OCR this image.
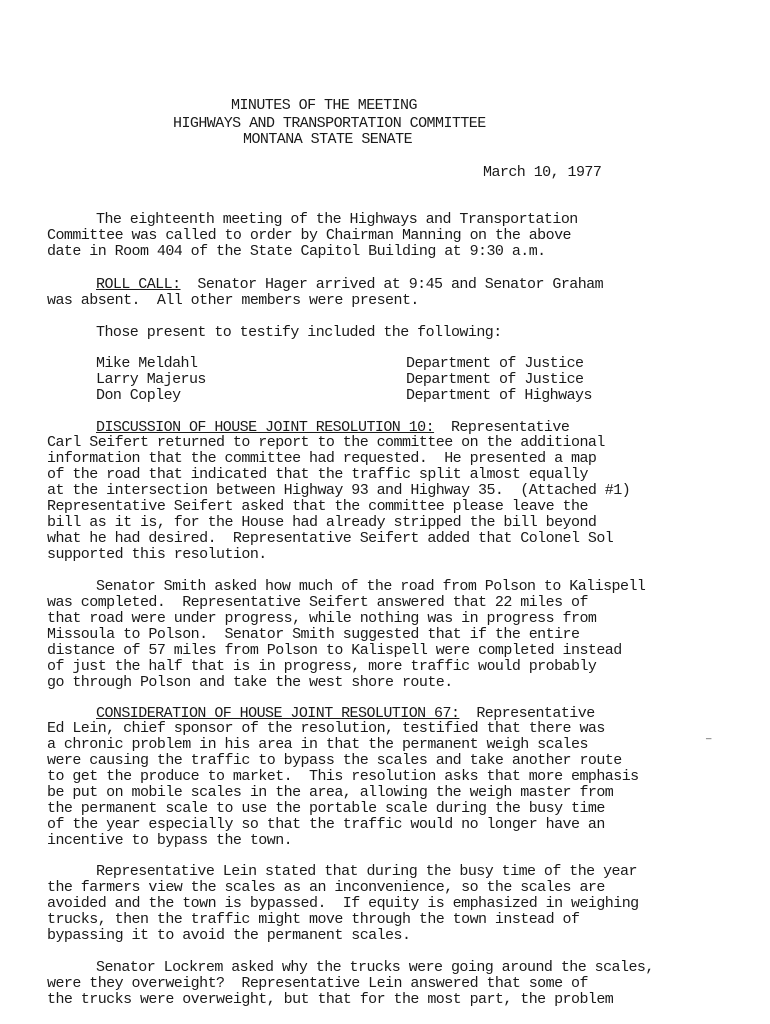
MINUTES OF THE MEETING
HIGHWAYS AND TRANSPORTATION COMMITTEE
MONTANA STATE SENATE
March 10, 1977
The eighteenth meeting of the Highways and Transportation
Committee was called to order by Chairman Manning on the above
date in Room 404 of the State Capitol Building at 9:30 a.m.
ROLL CALL:  Senator Hager arrived at 9:45 and Senator Graham
was absent.  All other members were present.
Those present to testify included the following:
Mike Meldahl	Department of Justice
Larry Majerus	Department of Justice
Don Copley	Department of Highways
DISCUSSION OF HOUSE JOINT RESOLUTION 10:  Representative
Carl Seifert returned to report to the committee on the additional
information that the committee had requested.  He presented a map
of the road that indicated that the traffic split almost equally
at the intersection between Highway 93 and Highway 35.  (Attached #1)
Representative Seifert asked that the committee please leave the
bill as it is, for the House had already stripped the bill beyond
what he had desired.  Representative Seifert added that Colonel Sol
supported this resolution.
Senator Smith asked how much of the road from Polson to Kalispell
was completed.  Representative Seifert answered that 22 miles of
that road were under progress, while nothing was in progress from
Missoula to Polson.  Senator Smith suggested that if the entire
distance of 57 miles from Polson to Kalispell were completed instead
of just the half that is in progress, more traffic would probably
go through Polson and take the west shore route.
CONSIDERATION OF HOUSE JOINT RESOLUTION 67:  Representative
Ed Lein, chief sponsor of the resolution, testified that there was
a chronic problem in his area in that the permanent weigh scales
were causing the traffic to bypass the scales and take another route
to get the produce to market.  This resolution asks that more emphasis
be put on mobile scales in the area, allowing the weigh master from
the permanent scale to use the portable scale during the busy time
of the year especially so that the traffic would no longer have an
incentive to bypass the town.
—
Representative Lein stated that during the busy time of the year
the farmers view the scales as an inconvenience, so the scales are
avoided and the town is bypassed.  If equity is emphasized in weighing
trucks, then the traffic might move through the town instead of
bypassing it to avoid the permanent scales.
Senator Lockrem asked why the trucks were going around the scales,
were they overweight?  Representative Lein answered that some of
the trucks were overweight, but that for the most part, the problem
